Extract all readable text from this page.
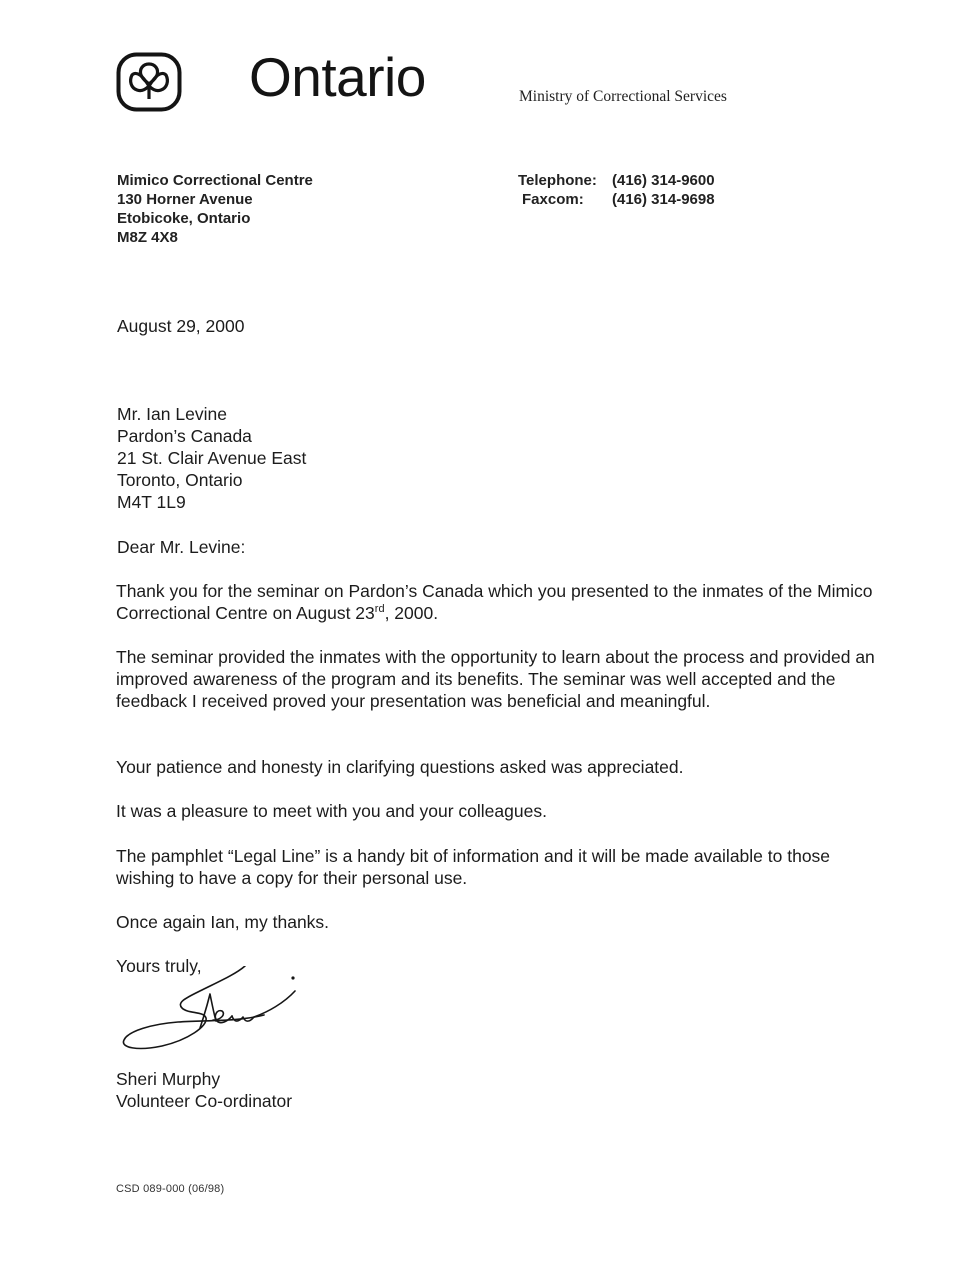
Ontario	Ministry of Correctional Services
Mimico Correctional Centre
130 Horner Avenue
Etobicoke, Ontario
M8Z 4X8
Telephone:	(416) 314-9600
Faxcom:	(416) 314-9698
August 29, 2000
Mr. Ian Levine
Pardon’s Canada
21 St. Clair Avenue East
Toronto, Ontario
M4T 1L9
Dear Mr. Levine:
Thank you for the seminar on Pardon’s Canada which you presented to the inmates of the Mimico Correctional Centre on August 23rd, 2000.
The seminar provided the inmates with the opportunity to learn about the process and provided an improved awareness of the program and its benefits. The seminar was well accepted and the feedback I received proved your presentation was beneficial and meaningful.
Your patience and honesty in clarifying questions asked was appreciated.
It was a pleasure to meet with you and your colleagues.
The pamphlet “Legal Line” is a handy bit of information and it will be made available to those wishing to have a copy for their personal use.
Once again Ian, my thanks.
Yours truly,
Sheri Murphy
Volunteer Co-ordinator
CSD 089-000 (06/98)
